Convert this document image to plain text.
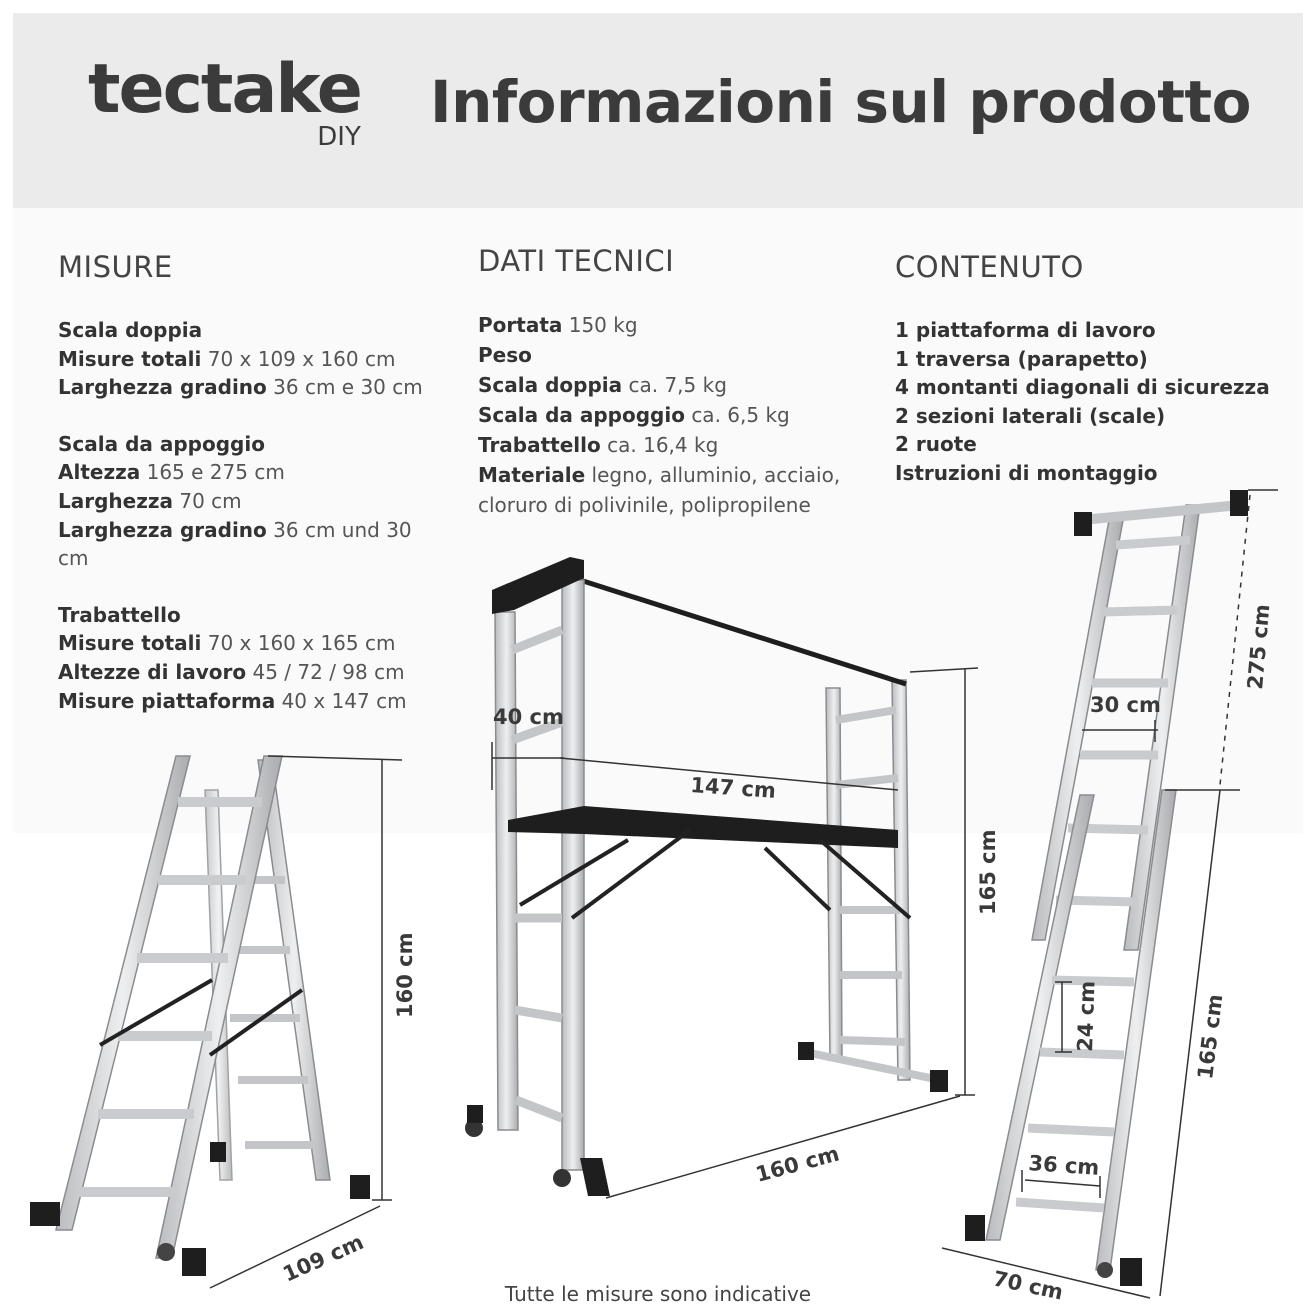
tectake
DIY
Informazioni sul prodotto
MISURE
Scala doppia
Misure totali 70 x 109 x 160 cm
Larghezza gradino 36 cm e 30 cm
Scala da appoggio
Altezza 165 e 275 cm
Larghezza 70 cm
Larghezza gradino 36 cm und 30 cm
Trabattello
Misure totali 70 x 160 x 165 cm
Altezze di lavoro 45 / 72 / 98 cm
Misure piattaforma 40 x 147 cm
DATI TECNICI
Portata 150 kg
Peso
Scala doppia ca. 7,5 kg
Scala da appoggio ca. 6,5 kg
Trabattello ca. 16,4 kg
Materiale legno, alluminio, acciaio, cloruro di polivinile, polipropilene
CONTENUTO
1 piattaforma di lavoro
1 traversa (parapetto)
4 montanti diagonali di sicurezza
2 sezioni laterali (scale)
2 ruote
Istruzioni di montaggio
160 cm
109 cm
40 cm
147 cm
165 cm
160 cm
275 cm
30 cm
24 cm	165 cm
36 cm
70 cm
Tutte le misure sono indicative
